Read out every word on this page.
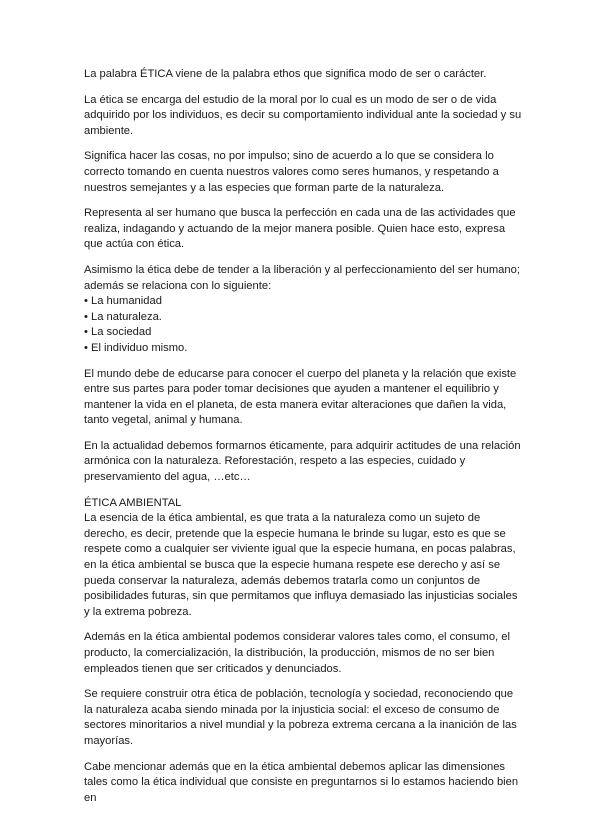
La palabra ÉTICA viene de la palabra ethos que significa modo de ser o carácter.

La ética se encarga del estudio de la moral por lo cual es un modo de ser o de vida adquirido por los individuos, es decir su comportamiento individual ante la sociedad y su ambiente.

Significa hacer las cosas, no por impulso; sino de acuerdo a lo que se considera lo correcto tomando en cuenta nuestros valores como seres humanos, y respetando a nuestros semejantes y a las especies que forman parte de la naturaleza.

Representa al ser humano que busca la perfección en cada una de las actividades que realiza, indagando y actuando de la mejor manera posible. Quien hace esto, expresa que actúa con ética.

Asimismo la ética debe de tender a la liberación y al perfeccionamiento del ser humano; además se relaciona con lo siguiente:

• La humanidad
• La naturaleza.
• La sociedad
• El individuo mismo.

El mundo debe de educarse para conocer el cuerpo del planeta y la relación que existe entre sus partes para poder tomar decisiones que ayuden a mantener el equilibrio y mantener la vida en el planeta, de esta manera evitar alteraciones que dañen la vida, tanto vegetal, animal y humana.

En la actualidad debemos formarnos éticamente, para adquirir actitudes de una relación armónica con la naturaleza. Reforestación, respeto a las especies, cuidado y preservamiento del agua, …etc…

ÉTICA AMBIENTAL

La esencia de la ética ambiental, es que trata a la naturaleza como un sujeto de derecho, es decir, pretende que la especie humana le brinde su lugar, esto es que se respete como a cualquier ser viviente igual que la especie humana, en pocas palabras, en la ética ambiental se busca que la especie humana respete ese derecho y así se pueda conservar la naturaleza, además debemos tratarla como un conjuntos de posibilidades futuras, sin que permitamos que influya demasiado las injusticias sociales y la extrema pobreza.

Además en la ética ambiental podemos considerar valores tales como, el consumo, el producto, la comercialización, la distribución, la producción, mismos de no ser bien empleados tienen que ser criticados y denunciados.

Se requiere construir otra ética de población, tecnología y sociedad, reconociendo que la naturaleza acaba siendo minada por la injusticia social: el exceso de consumo de sectores minoritarios a nivel mundial y la pobreza extrema cercana a la inanición de las mayorías.

Cabe mencionar además que en la ética ambiental debemos aplicar las dimensiones tales como la ética individual que consiste en preguntarnos si lo estamos haciendo bien en
